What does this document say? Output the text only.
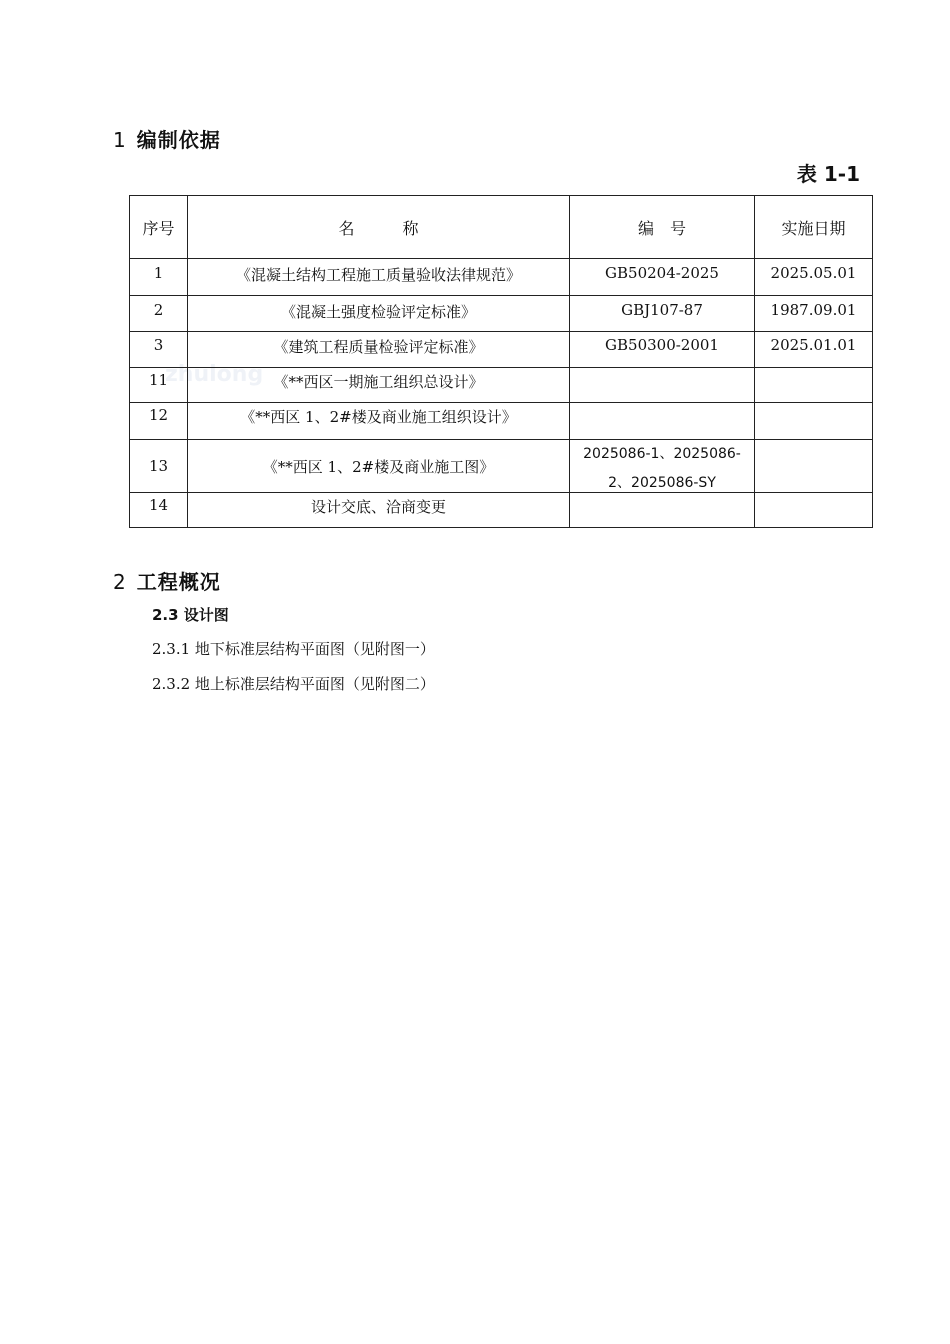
1 编制依据
表 1-1
zhulong
序号	名　　　称	编　号	实施日期
1	《混凝土结构工程施工质量验收法律规范》	GB50204-2025	2025.05.01
2	《混凝土强度检验评定标准》	GBJ107-87	1987.09.01
3	《建筑工程质量检验评定标准》	GB50300-2001	2025.01.01
11	《**西区一期施工组织总设计》		
12	《**西区 1、2#楼及商业施工组织设计》		
13	《**西区 1、2#楼及商业施工图》	2025086-1、2025086-2、2025086-SY	

14	设计交底、洽商变更		
2 工程概况
2.3 设计图
2.3.1 地下标准层结构平面图（见附图一）
2.3.2 地上标准层结构平面图（见附图二）
